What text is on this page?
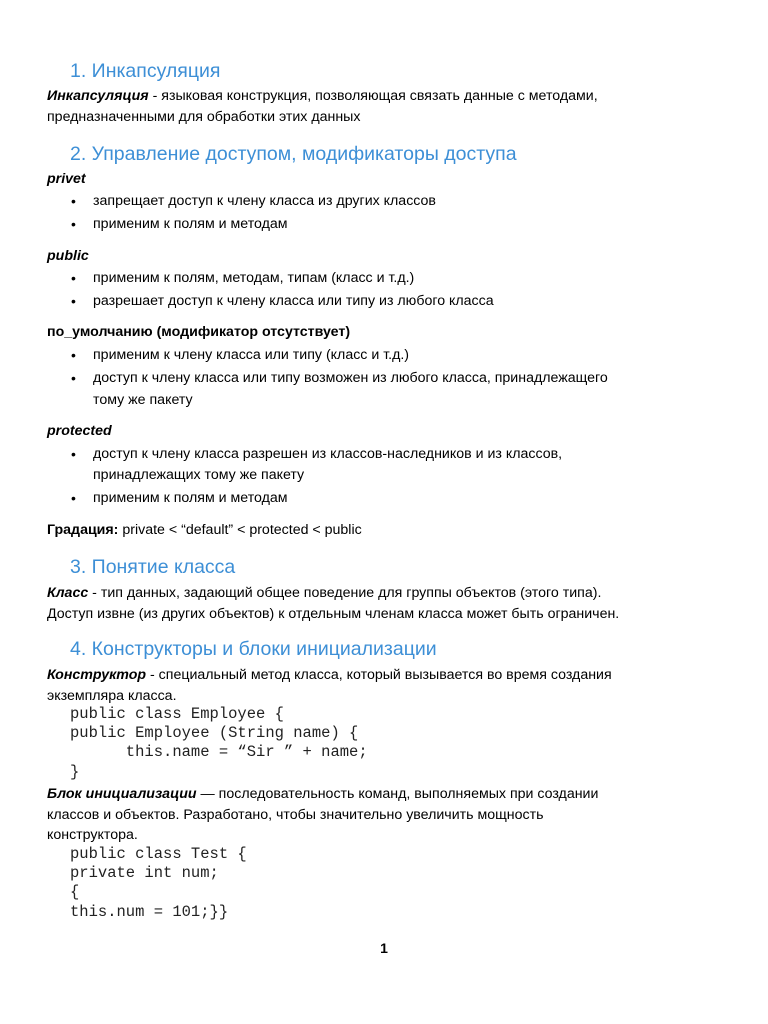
1. Инкапсуляция
Инкапсуляция - языковая конструкция, позволяющая связать данные с методами,
предназначенными для обработки этих данных
2. Управление доступом, модификаторы доступа
privet
• запрещает доступ к члену класса из других классов
• применим к полям и методам
public
• применим к полям, методам, типам (класс и т.д.)
• разрешает доступ к члену класса или типу из любого класса
по_умолчанию (модификатор отсутствует)
• применим к члену класса или типу (класс и т.д.)
• доступ к члену класса или типу возможен из любого класса, принадлежащего
тому же пакету
protected
• доступ к члену класса разрешен из классов-наследников и из классов,
принадлежащих тому же пакету
• применим к полям и методам
Градация: private < “default” < protected < public
3. Понятие класса
Класс - тип данных, задающий общее поведение для группы объектов (этого типа).
Доступ извне (из других объектов) к отдельным членам класса может быть ограничен.
4. Конструкторы и блоки инициализации
Конструктор - специальный метод класса, который вызывается во время создания
экземпляра класса.
public class Employee {
public Employee (String name) {
this.name = “Sir ” + name;
}
Блок инициализации — последовательность команд, выполняемых при создании
классов и объектов. Разработано, чтобы значительно увеличить мощность
конструктора.
public class Test {
private int num;
{
this.num = 101;}}
1
